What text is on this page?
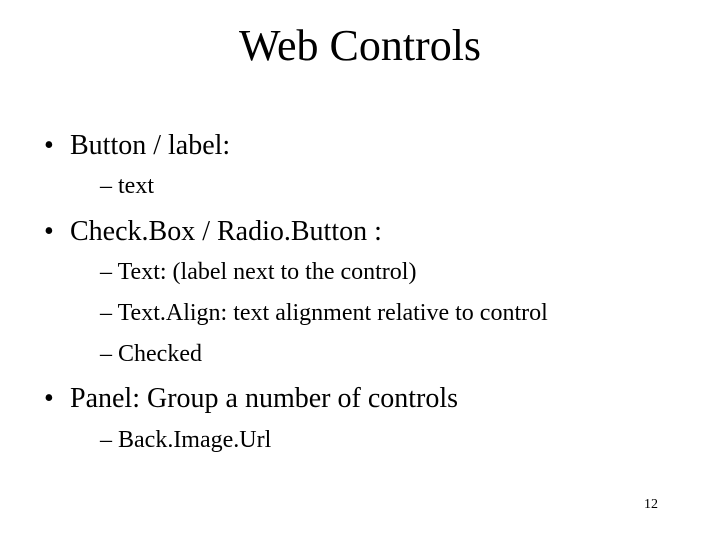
Web Controls
• Button / label:
– text
• Check.Box / Radio.Button :
– Text: (label next to the control)
– Text.Align: text alignment relative to control
– Checked
• Panel: Group a number of controls
– Back.Image.Url
12
